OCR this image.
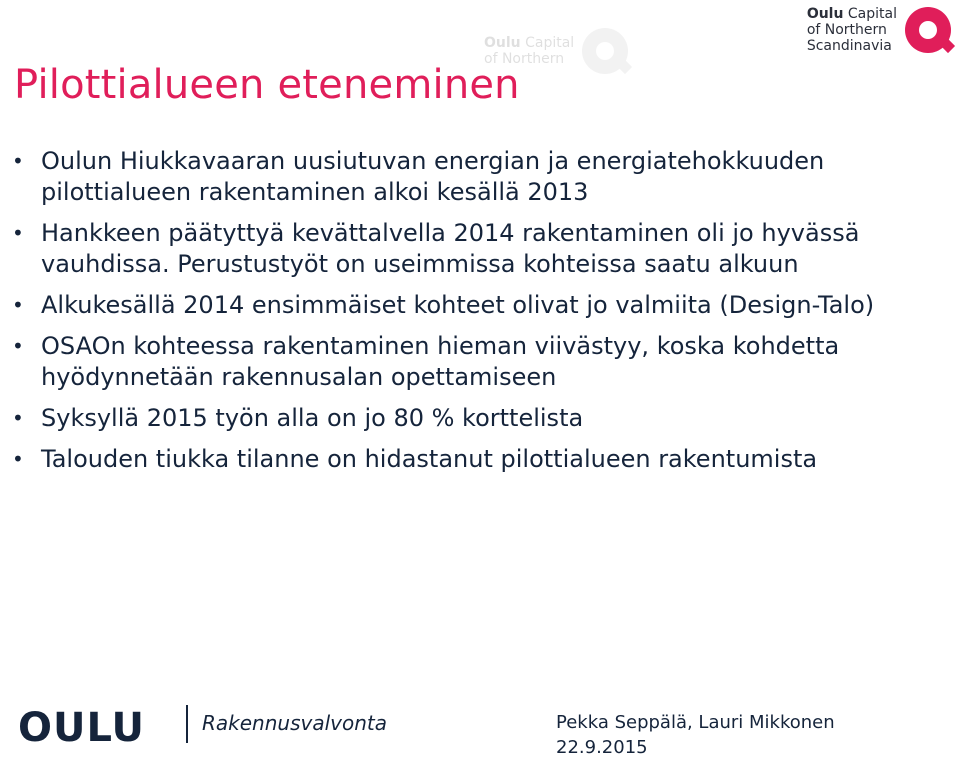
Oulu Capital
of Northern
Oulu Capital
of Northern
Scandinavia
Pilottialueen eteneminen
• Oulun Hiukkavaaran uusiutuvan energian ja energiatehokkuuden pilottialueen rakentaminen alkoi kesällä 2013
• Hankkeen päätyttyä kevättalvella 2014 rakentaminen oli jo hyvässä vauhdissa. Perustustyöt on useimmissa kohteissa saatu alkuun
• Alkukesällä 2014 ensimmäiset kohteet olivat jo valmiita (Design-Talo)
• OSAOn kohteessa rakentaminen hieman viivästyy, koska kohdetta hyödynnetään rakennusalan opettamiseen
• Syksyllä 2015 työn alla on jo 80 % korttelista
• Talouden tiukka tilanne on hidastanut pilottialueen rakentumista
OULU	Rakennusvalvonta	Pekka Seppälä, Lauri Mikkonen
22.9.2015
